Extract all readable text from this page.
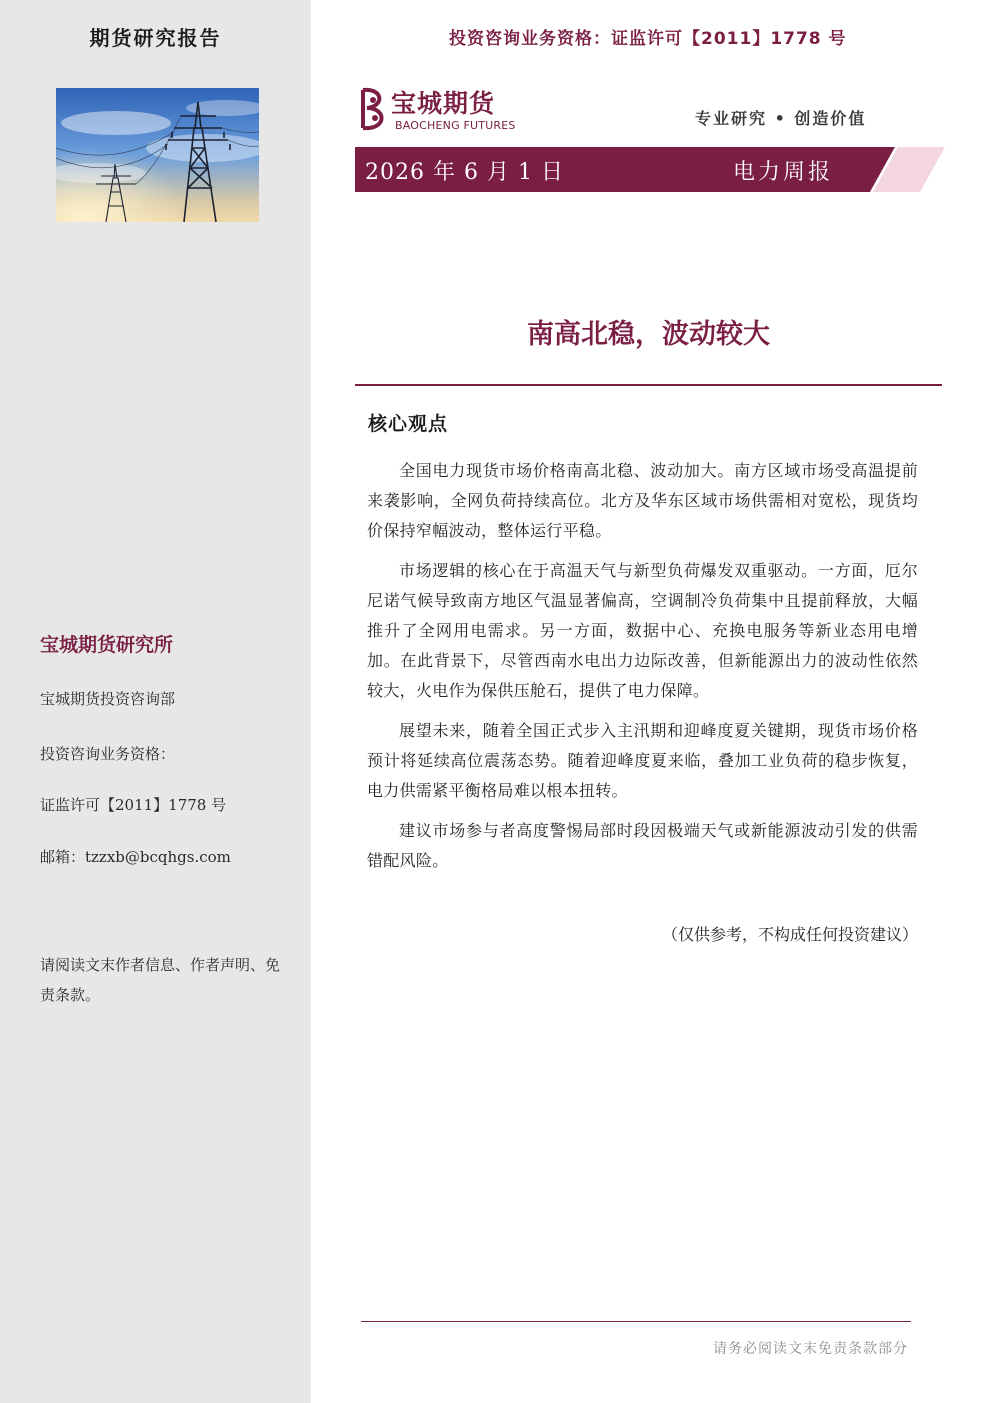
期货研究报告
宝城期货研究所
宝城期货投资咨询部
投资咨询业务资格：
证监许可【2011】1778 号
邮箱：tzzxb@bcqhgs.com
请阅读文末作者信息、作者声明、免责条款。
投资咨询业务资格：证监许可【2011】1778 号
宝城期货
BAOCHENG FUTURES	专业研究 • 创造价值
2026 年 6 月 1 日	电力周报
南高北稳，波动较大
核心观点

全国电力现货市场价格南高北稳、波动加大。南方区域市场受高温提前来袭影响，全网负荷持续高位。北方及华东区域市场供需相对宽松，现货均价保持窄幅波动，整体运行平稳。

市场逻辑的核心在于高温天气与新型负荷爆发双重驱动。一方面，厄尔尼诺气候导致南方地区气温显著偏高，空调制冷负荷集中且提前释放，大幅推升了全网用电需求。另一方面，数据中心、充换电服务等新业态用电增加。在此背景下，尽管西南水电出力边际改善，但新能源出力的波动性依然较大，火电作为保供压舱石，提供了电力保障。

展望未来，随着全国正式步入主汛期和迎峰度夏关键期，现货市场价格预计将延续高位震荡态势。随着迎峰度夏来临，叠加工业负荷的稳步恢复，电力供需紧平衡格局难以根本扭转。

建议市场参与者高度警惕局部时段因极端天气或新能源波动引发的供需错配风险。

（仅供参考，不构成任何投资建议）
请务必阅读文末免责条款部分
